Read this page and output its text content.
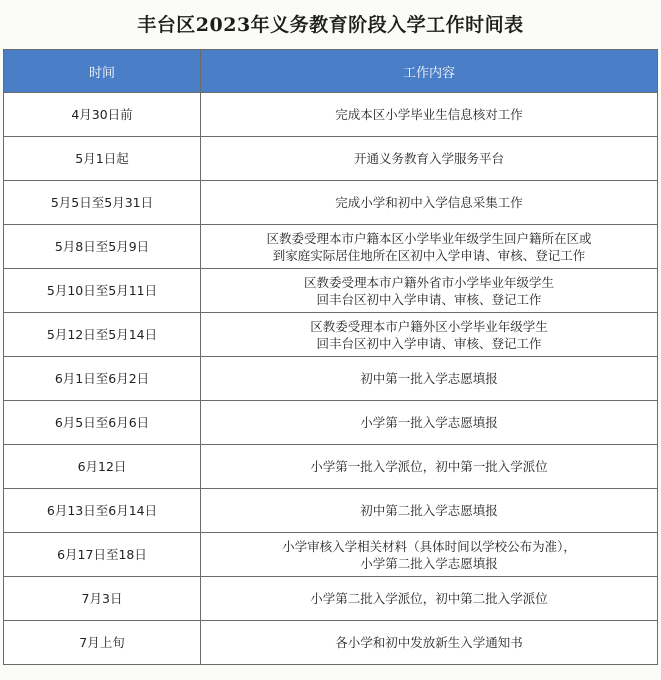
丰台区2023年义务教育阶段入学工作时间表
时间	工作内容
4月30日前	完成本区小学毕业生信息核对工作

5月1日起	开通义务教育入学服务平台

5月5日至5月31日	完成小学和初中入学信息采集工作

5月8日至5月9日	区教委受理本市户籍本区小学毕业年级学生回户籍所在区或
到家庭实际居住地所在区初中入学申请、审核、登记工作

5月10日至5月11日	区教委受理本市户籍外省市小学毕业年级学生
回丰台区初中入学申请、审核、登记工作

5月12日至5月14日	区教委受理本市户籍外区小学毕业年级学生
回丰台区初中入学申请、审核、登记工作

6月1日至6月2日	初中第一批入学志愿填报

6月5日至6月6日	小学第一批入学志愿填报

6月12日	小学第一批入学派位，初中第一批入学派位

6月13日至6月14日	初中第二批入学志愿填报

6月17日至18日	小学审核入学相关材料（具体时间以学校公布为准），
小学第二批入学志愿填报

7月3日	小学第二批入学派位，初中第二批入学派位

7月上旬	各小学和初中发放新生入学通知书
